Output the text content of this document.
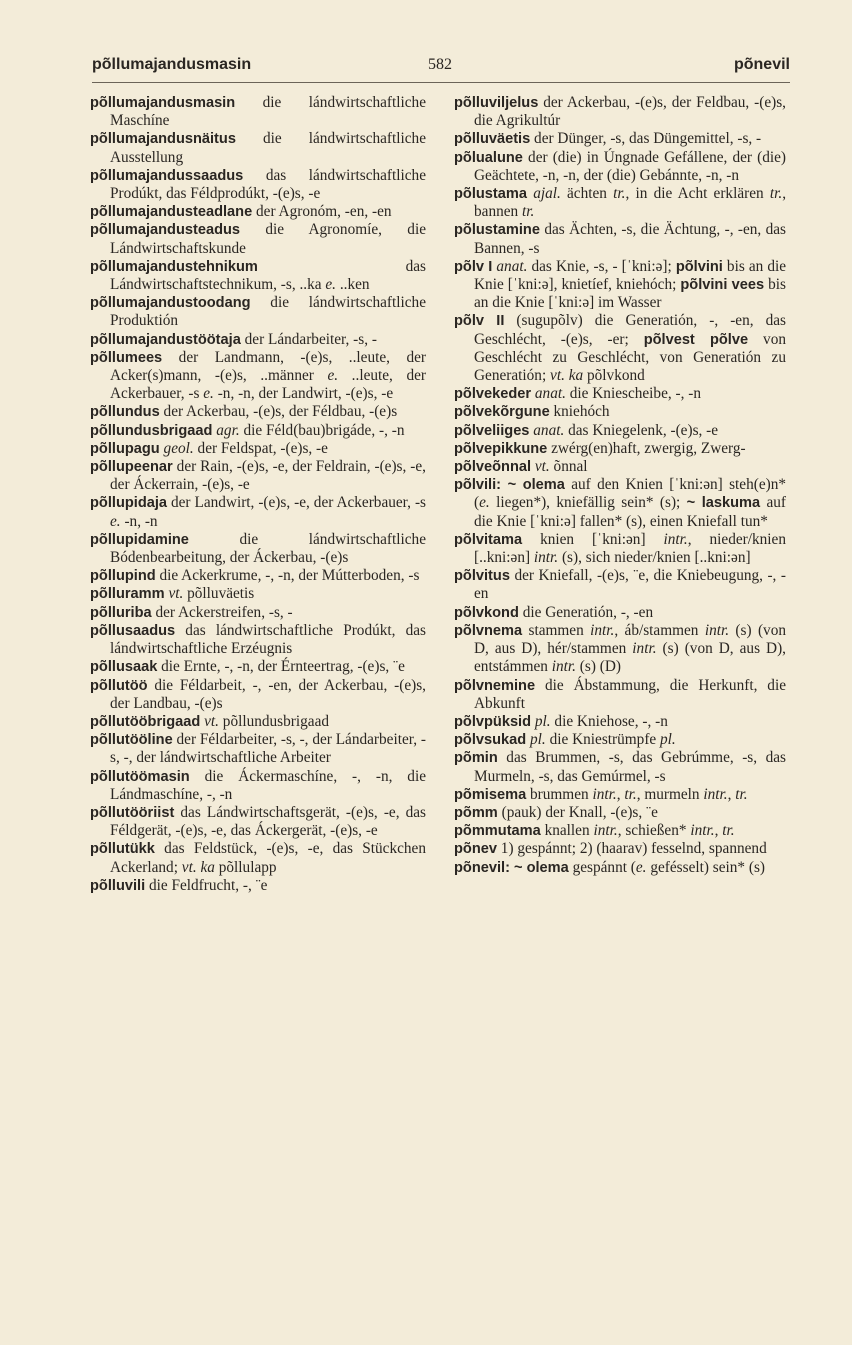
põllumajandusmasin	582	põnevil

põllumajandusmasin die lándwirtschaftliche Maschíne

põllumajandusnäitus die lándwirtschaftliche Ausstellung

põllumajandussaadus das lándwirtschaftliche Prodúkt, das Féldprodúkt, -(e)s, -e

põllumajandusteadlane der Agronóm, -en, -en

põllumajandusteadus die Agronomíe, die Lándwirtschaftskunde

põllumajandustehnikum das Lándwirtschaftstechnikum, -s, ..ka e. ..ken

põllumajandustoodang die lándwirtschaftliche Produktión

põllumajandustöötaja der Lándarbeiter, -s, -

põllumees der Landmann, -(e)s, ..leute, der Acker(s)mann, -(e)s, ..männer e. ..leute, der Ackerbauer, -s e. -n, -n, der Landwirt, -(e)s, -e

põllundus der Ackerbau, -(e)s, der Féldbau, -(e)s

põllundusbrigaad agr. die Féld(bau)brigáde, -, -n

põllupagu geol. der Feldspat, -(e)s, -e

põllupeenar der Rain, -(e)s, -e, der Feldrain, -(e)s, -e, der Áckerrain, -(e)s, -e

põllupidaja der Landwirt, -(e)s, -e, der Ackerbauer, -s e. -n, -n

põllupidamine die lándwirtschaftliche Bódenbearbeitung, der Áckerbau, -(e)s

põllupind die Ackerkrume, -, -n, der Mútterboden, -s

põlluramm vt. põlluväetis

põlluriba der Ackerstreifen, -s, -

põllusaadus das lándwirtschaftliche Prodúkt, das lándwirtschaftliche Erzéugnis

põllusaak die Ernte, -, -n, der Érnteertrag, -(e)s, ¨e

põllutöö die Féldarbeit, -, -en, der Ackerbau, -(e)s, der Landbau, -(e)s

põllutööbrigaad vt. põllundusbrigaad

põllutööline der Féldarbeiter, -s, -, der Lándarbeiter, -s, -, der lándwirtschaftliche Arbeiter

põllutöömasin die Áckermaschíne, -, -n, die Lándmaschíne, -, -n

põllutööriist das Lándwirtschaftsgerät, -(e)s, -e, das Féldgerät, -(e)s, -e, das Áckergerät, -(e)s, -e

põllutükk das Feldstück, -(e)s, -e, das Stückchen Ackerland; vt. ka põllulapp

põlluvili die Feldfrucht, -, ¨e

põlluviljelus der Ackerbau, -(e)s, der Feldbau, -(e)s, die Agrikultúr

põlluväetis der Dünger, -s, das Düngemittel, -s, -

põlualune der (die) in Úngnade Gefállene, der (die) Geächtete, -n, -n, der (die) Gebánnte, -n, -n

põlustama ajal. ächten tr., in die Acht erklären tr., bannen tr.

põlustamine das Ächten, -s, die Ächtung, -, -en, das Bannen, -s

põlv I anat. das Knie, -s, - [ˈkni:ə]; põlvini bis an die Knie [ˈkni:ə], knietíef, kniehóch; põlvini vees bis an die Knie [ˈkni:ə] im Wasser

põlv II (sugupõlv) die Generatión, -, -en, das Geschlécht, -(e)s, -er; põlvest põlve von Geschlécht zu Geschlécht, von Generatión zu Generatión; vt. ka põlvkond

põlvekeder anat. die Kniescheibe, -, -n

põlvekõrgune kniehóch

põlveliiges anat. das Kniegelenk, -(e)s, -e

põlvepikkune zwérg(en)haft, zwergig, Zwerg-

põlveõnnal vt. õnnal

põlvili: ~ olema auf den Knien [ˈkni:ən] steh(e)n* (e. liegen*), kniefällig sein* (s); ~ laskuma auf die Knie [ˈkni:ə] fallen* (s), einen Kniefall tun*

põlvitama knien [ˈkni:ən] intr., nieder/knien [..kni:ən] intr. (s), sich nieder/knien [..kni:ən]

põlvitus der Kniefall, -(e)s, ¨e, die Kniebeugung, -, -en

põlvkond die Generatión, -, -en

põlvnema stammen intr., áb/stammen intr. (s) (von D, aus D), hér/stammen intr. (s) (von D, aus D), entstámmen intr. (s) (D)

põlvnemine die Ábstammung, die Herkunft, die Abkunft

põlvpüksid pl. die Kniehose, -, -n

põlvsukad pl. die Kniestrümpfe pl.

põmin das Brummen, -s, das Gebrúmme, -s, das Murmeln, -s, das Gemúrmel, -s

põmisema brummen intr., tr., murmeln intr., tr.

põmm (pauk) der Knall, -(e)s, ¨e

põmmutama knallen intr., schießen* intr., tr.

põnev 1) gespánnt; 2) (haarav) fesselnd, spannend

põnevil: ~ olema gespánnt (e. gefésselt) sein* (s)
